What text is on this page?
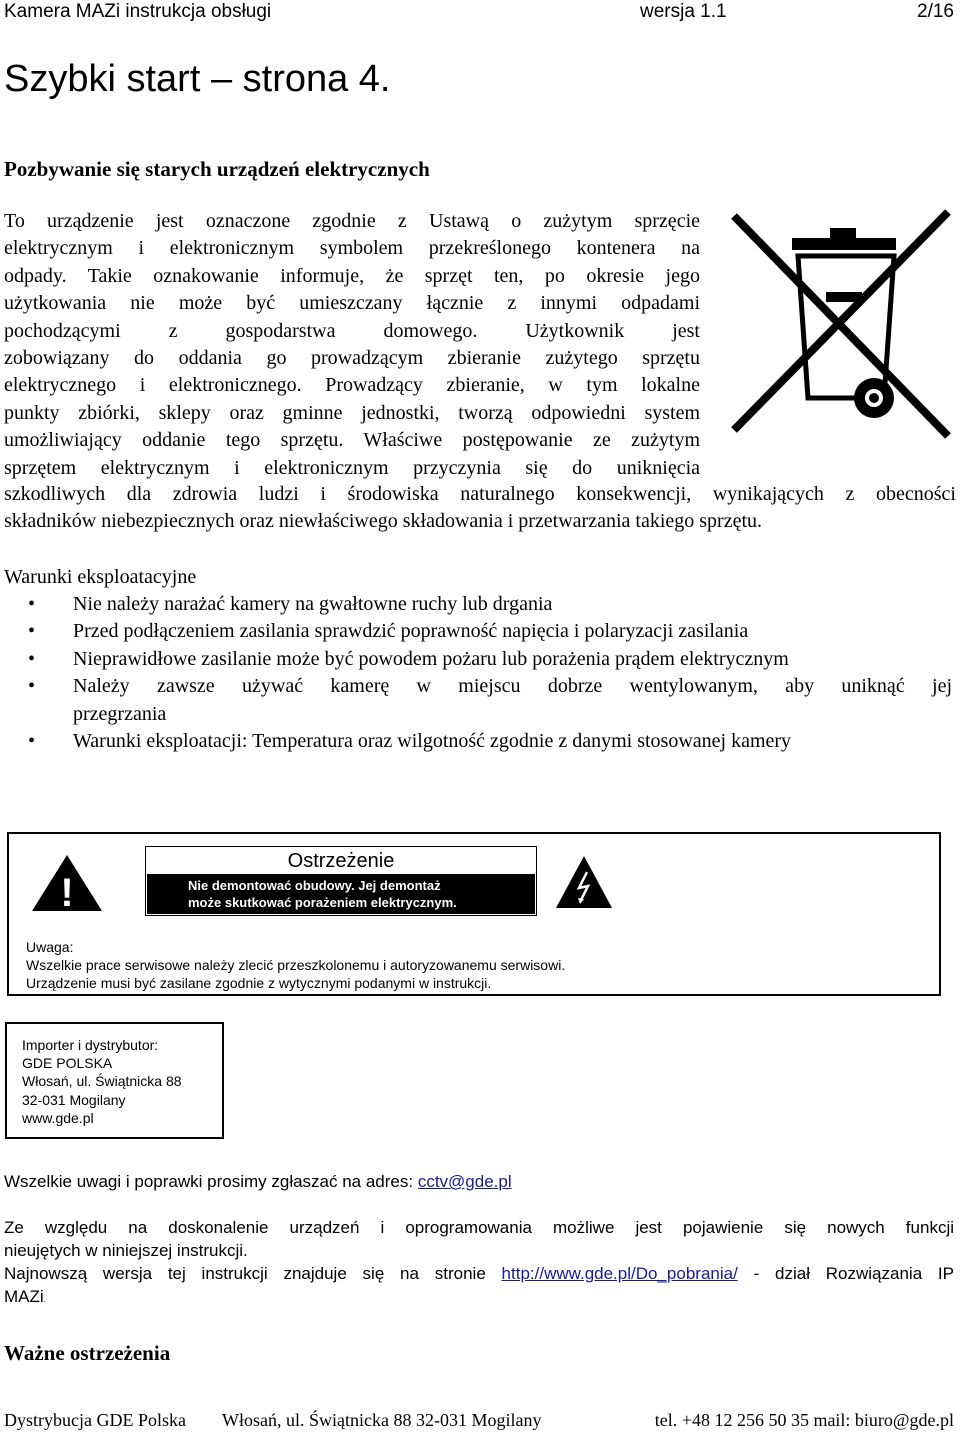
Kamera MAZi instrukcja obsługi	wersja 1.1	2/16
Szybki start – strona 4.
Pozbywanie się starych urządzeń elektrycznych
To urządzenie jest oznaczone zgodnie z Ustawą o zużytym sprzęcie
elektrycznym i elektronicznym symbolem przekreślonego kontenera na
odpady. Takie oznakowanie informuje, że sprzęt ten, po okresie jego
użytkowania nie może być umieszczany łącznie z innymi odpadami
pochodzącymi z gospodarstwa domowego. Użytkownik jest
zobowiązany do oddania go prowadzącym zbieranie zużytego sprzętu
elektrycznego i elektronicznego. Prowadzący zbieranie, w tym lokalne
punkty zbiórki, sklepy oraz gminne jednostki, tworzą odpowiedni system
umożliwiający oddanie tego sprzętu. Właściwe postępowanie ze zużytym
sprzętem elektrycznym i elektronicznym przyczynia się do uniknięcia
szkodliwych dla zdrowia ludzi i środowiska naturalnego konsekwencji, wynikających z obecności
składników niebezpiecznych oraz niewłaściwego składowania i przetwarzania takiego sprzętu.
Warunki eksploatacyjne
• Nie należy narażać kamery na gwałtowne ruchy lub drgania
• Przed podłączeniem zasilania sprawdzić poprawność napięcia i polaryzacji zasilania
• Nieprawidłowe zasilanie może być powodem pożaru lub porażenia prądem elektrycznym
• Należy zawsze używać kamerę w miejscu dobrze wentylowanym, aby uniknąć jej
przegrzania
• Warunki eksploatacji: Temperatura oraz wilgotność zgodnie z danymi stosowanej kamery
!
Ostrzeżenie
Nie demontować obudowy. Jej demontaż
może skutkować porażeniem elektrycznym.
Uwaga:
Wszelkie prace serwisowe należy zlecić przeszkolonemu i autoryzowanemu serwisowi.
Urządzenie musi być zasilane zgodnie z wytycznymi podanymi w instrukcji.
Importer i dystrybutor:
GDE POLSKA
Włosań, ul. Świątnicka 88
32-031 Mogilany
www.gde.pl
Wszelkie uwagi i poprawki prosimy zgłaszać na adres: cctv@gde.pl
Ze względu na doskonalenie urządzeń i oprogramowania możliwe jest pojawienie się nowych funkcji
nieujętych w niniejszej instrukcji.
Najnowszą wersja tej instrukcji znajduje się na stronie http://www.gde.pl/Do_pobrania/ - dział Rozwiązania IP
MAZi.
Ważne ostrzeżenia
Dystrybucja GDE Polska Włosań, ul. Świątnicka 88 32-031 Mogilany	tel. +48 12 256 50 35 mail: biuro@gde.pl
